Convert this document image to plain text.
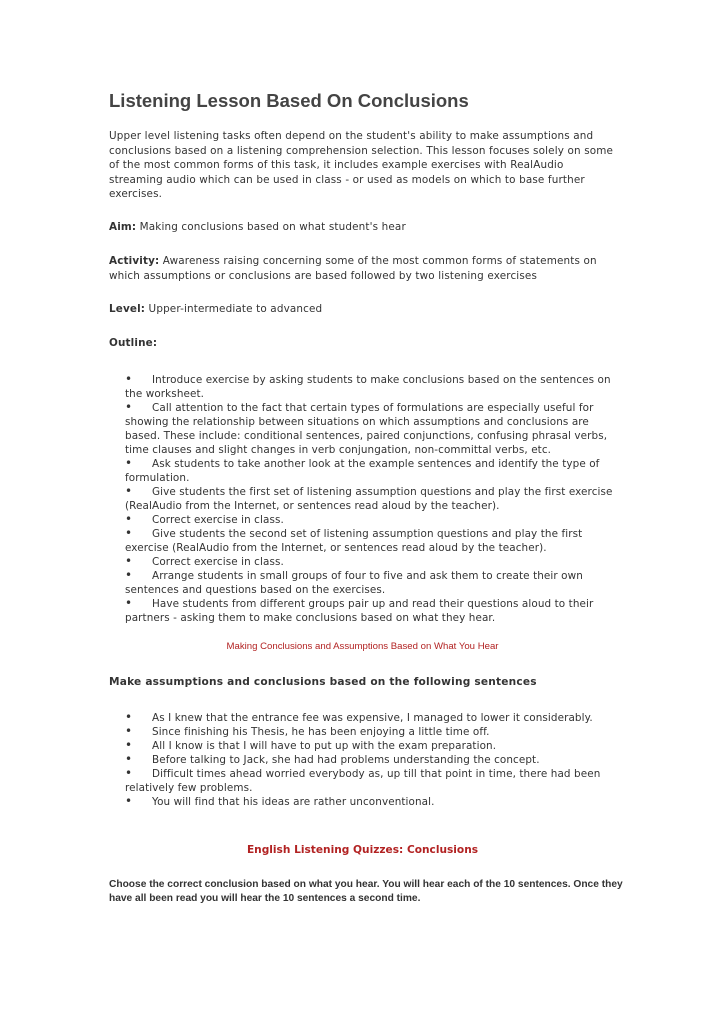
Listening Lesson Based On Conclusions

Upper level listening tasks often depend on the student's ability to make assumptions and conclusions based on a listening comprehension selection. This lesson focuses solely on some of the most common forms of this task, it includes example exercises with RealAudio streaming audio which can be used in class - or used as models on which to base further exercises.

Aim: Making conclusions based on what student's hear

Activity: Awareness raising concerning some of the most common forms of statements on which assumptions or conclusions are based followed by two listening exercises

Level: Upper-intermediate to advanced

Outline:

• Introduce exercise by asking students to make conclusions based on the sentences on the worksheet.
• Call attention to the fact that certain types of formulations are especially useful for showing the relationship between situations on which assumptions and conclusions are based. These include: conditional sentences, paired conjunctions, confusing phrasal verbs, time clauses and slight changes in verb conjungation, non-committal verbs, etc.
• Ask students to take another look at the example sentences and identify the type of formulation.
• Give students the first set of listening assumption questions and play the first exercise (RealAudio from the Internet, or sentences read aloud by the teacher).
• Correct exercise in class.
• Give students the second set of listening assumption questions and play the first exercise (RealAudio from the Internet, or sentences read aloud by the teacher).
• Correct exercise in class.
• Arrange students in small groups of four to five and ask them to create their own sentences and questions based on the exercises.
• Have students from different groups pair up and read their questions aloud to their partners - asking them to make conclusions based on what they hear.

Making Conclusions and Assumptions Based on What You Hear

Make assumptions and conclusions based on the following sentences

• As I knew that the entrance fee was expensive, I managed to lower it considerably.
• Since finishing his Thesis, he has been enjoying a little time off.
• All I know is that I will have to put up with the exam preparation.
• Before talking to Jack, she had had problems understanding the concept.
• Difficult times ahead worried everybody as, up till that point in time, there had been relatively few problems.
• You will find that his ideas are rather unconventional.

English Listening Quizzes: Conclusions

Choose the correct conclusion based on what you hear. You will hear each of the 10 sentences. Once they have all been read you will hear the 10 sentences a second time.
